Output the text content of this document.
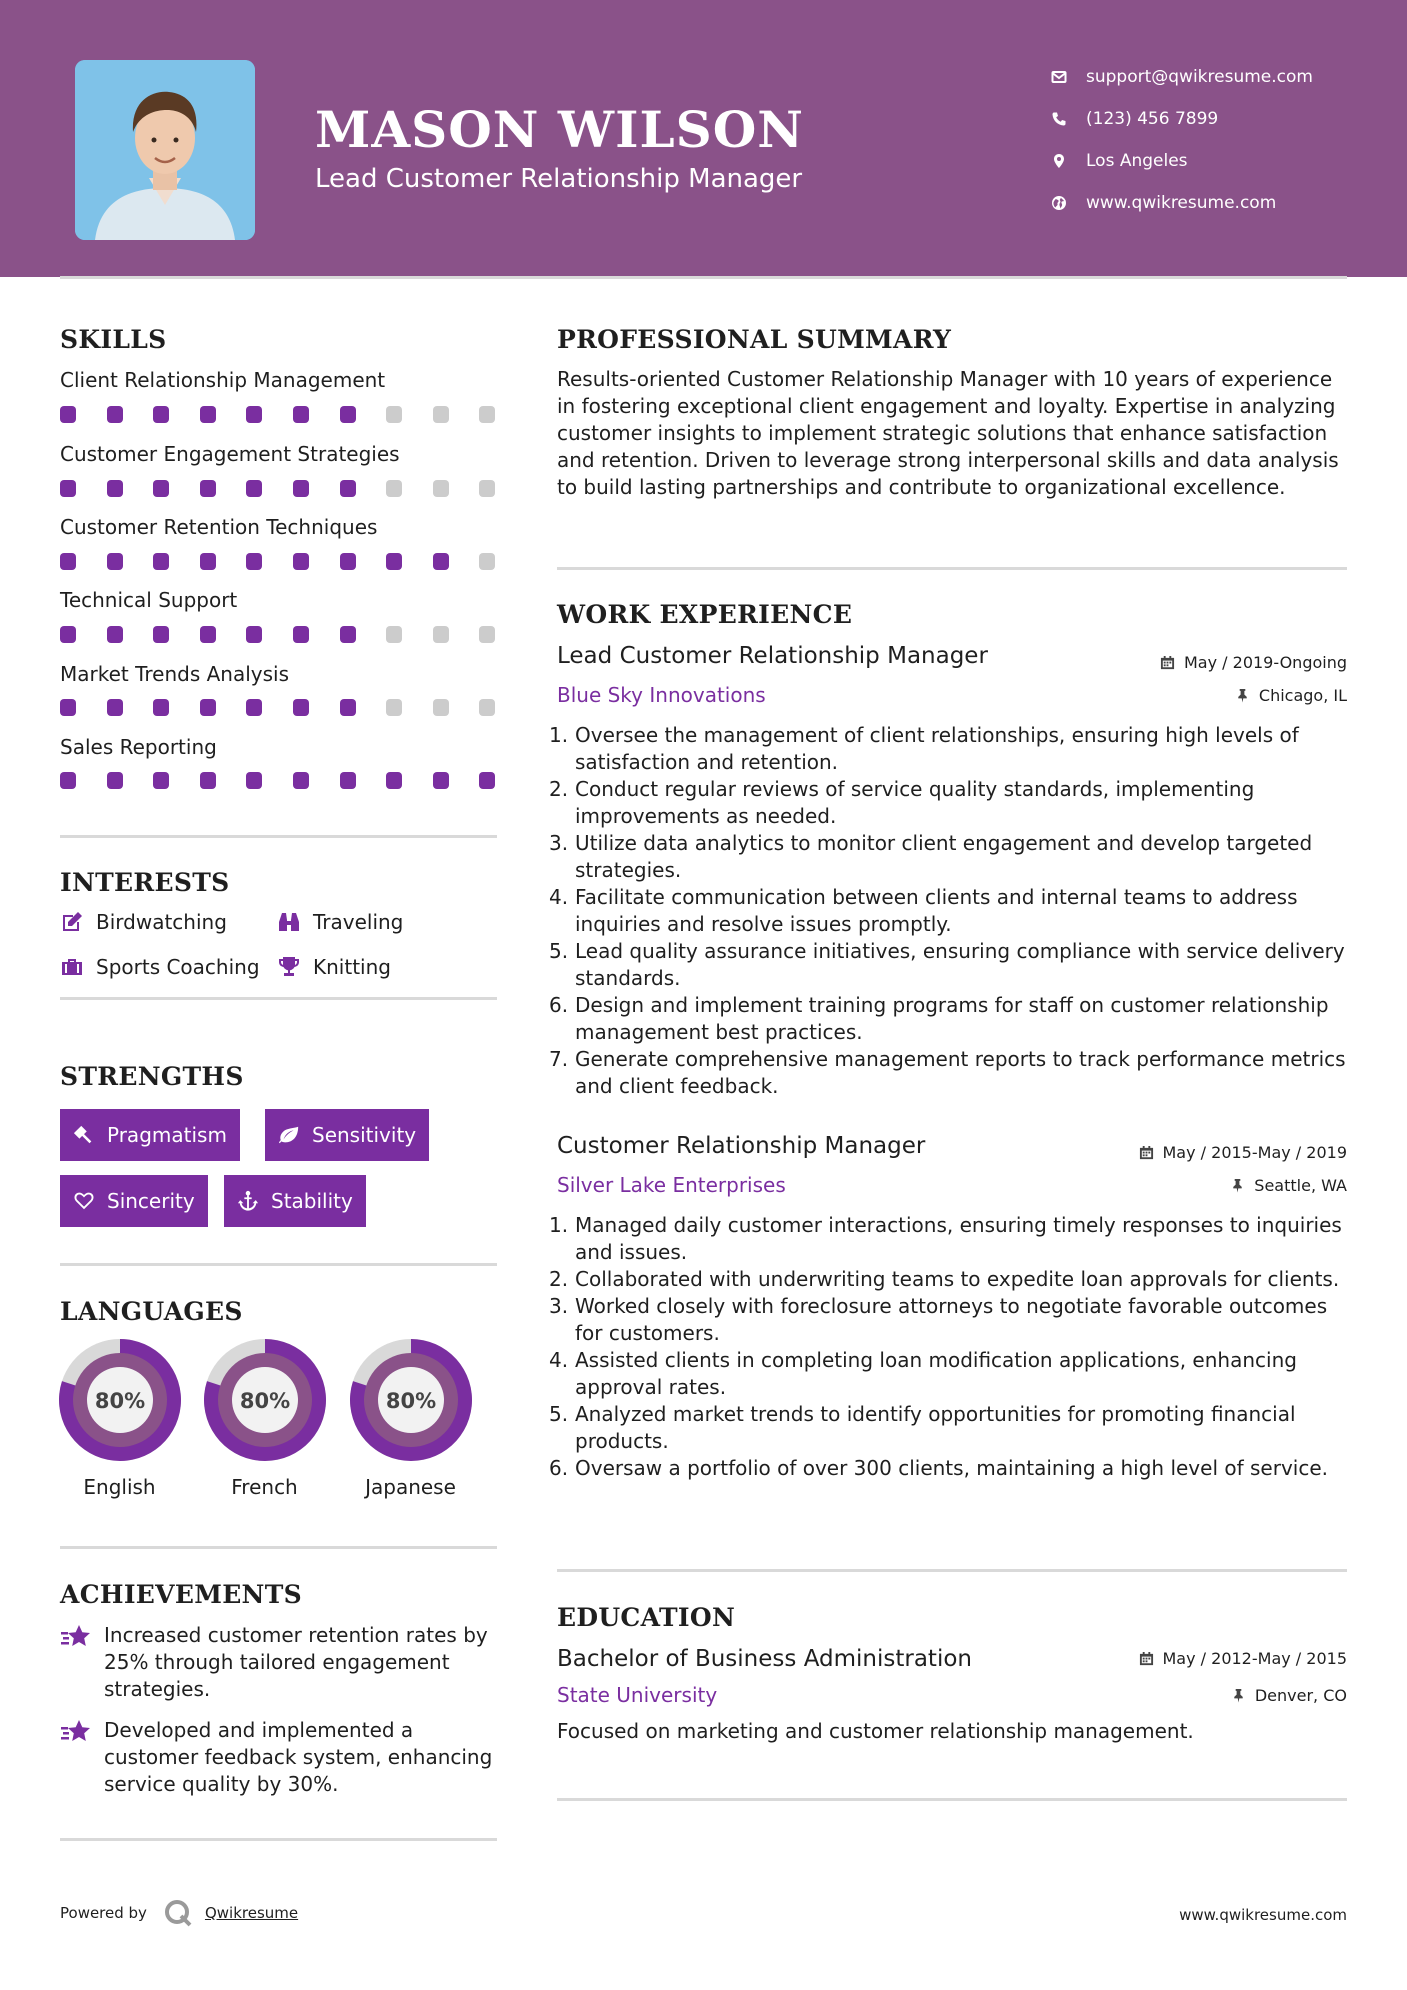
MASON WILSON
Lead Customer Relationship Manager
support@qwikresume.com
(123) 456 7899
Los Angeles
www.qwikresume.com
SKILLS
Client Relationship Management
Customer Engagement Strategies
Customer Retention Techniques
Technical Support
Market Trends Analysis
Sales Reporting
INTERESTS
Birdwatching	Traveling
Sports Coaching	Knitting
STRENGTHS
Pragmatism	Sensitivity
Sincerity	Stability
LANGUAGES
80%
English
80%
French
80%
Japanese
ACHIEVEMENTS
Increased customer retention rates by 25% through tailored engagement strategies.
Developed and implemented a customer feedback system, enhancing service quality by 30%.
PROFESSIONAL SUMMARY
Results-oriented Customer Relationship Manager with 10 years of experience in fostering exceptional client engagement and loyalty. Expertise in analyzing customer insights to implement strategic solutions that enhance satisfaction and retention. Driven to leverage strong interpersonal skills and data analysis to build lasting partnerships and contribute to organizational excellence.
WORK EXPERIENCE
Lead Customer Relationship Manager	May / 2019-Ongoing
Blue Sky Innovations	Chicago, IL
1. Oversee the management of client relationships, ensuring high levels of satisfaction and retention.
2. Conduct regular reviews of service quality standards, implementing improvements as needed.
3. Utilize data analytics to monitor client engagement and develop targeted strategies.
4. Facilitate communication between clients and internal teams to address inquiries and resolve issues promptly.
5. Lead quality assurance initiatives, ensuring compliance with service delivery standards.
6. Design and implement training programs for staff on customer relationship management best practices.
7. Generate comprehensive management reports to track performance metrics and client feedback.
Customer Relationship Manager	May / 2015-May / 2019
Silver Lake Enterprises	Seattle, WA
1. Managed daily customer interactions, ensuring timely responses to inquiries and issues.
2. Collaborated with underwriting teams to expedite loan approvals for clients.
3. Worked closely with foreclosure attorneys to negotiate favorable outcomes for customers.
4. Assisted clients in completing loan modification applications, enhancing approval rates.
5. Analyzed market trends to identify opportunities for promoting financial products.
6. Oversaw a portfolio of over 300 clients, maintaining a high level of service.
EDUCATION
Bachelor of Business Administration	May / 2012-May / 2015
State University	Denver, CO
Focused on marketing and customer relationship management.
Powered by	Qwikresume	www.qwikresume.com
